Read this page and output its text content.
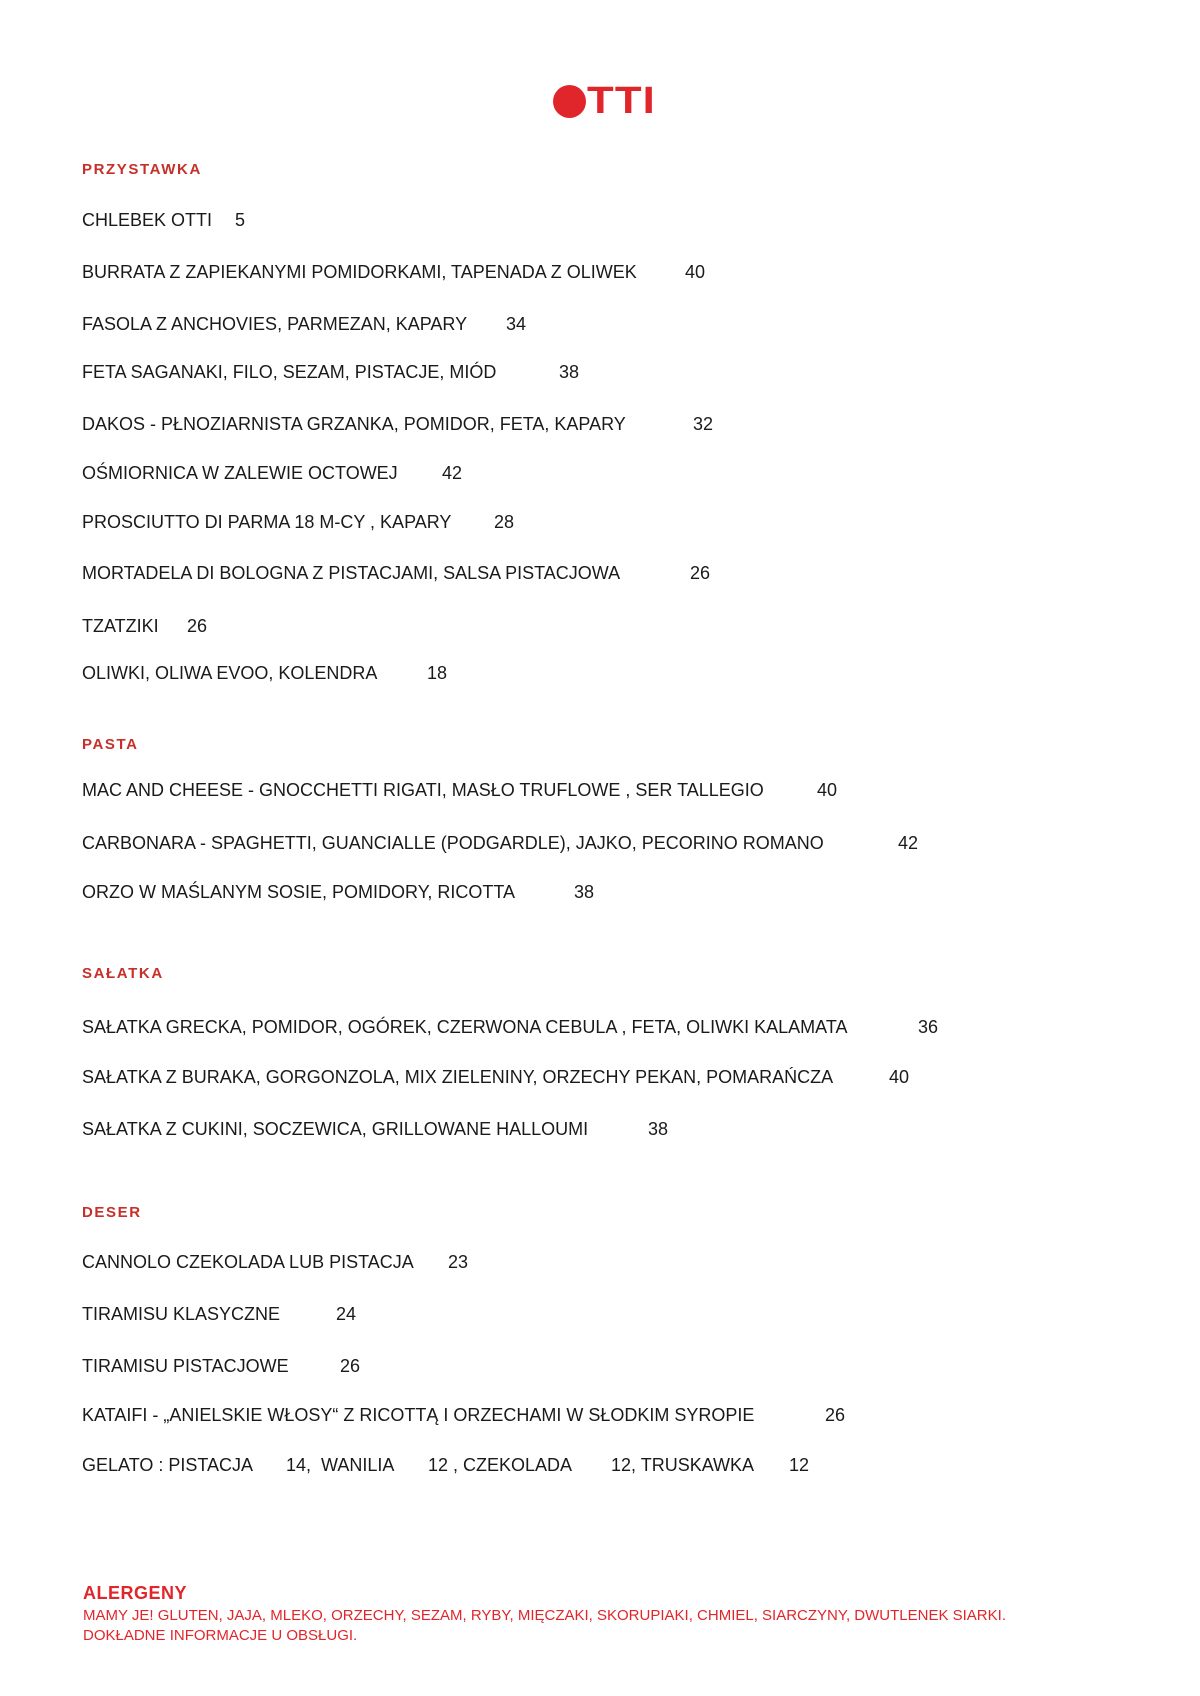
TTI
PRZYSTAWKA
CHLEBEK OTTI 5
BURRATA Z ZAPIEKANYMI POMIDORKAMI, TAPENADA Z OLIWEK	40
FASOLA Z ANCHOVIES, PARMEZAN, KAPARY 34
FETA SAGANAKI, FILO, SEZAM, PISTACJE, MIÓD	38
DAKOS - PŁNOZIARNISTA GRZANKA, POMIDOR, FETA, KAPARY	32
OŚMIORNICA W ZALEWIE OCTOWEJ 42
PROSCIUTTO DI PARMA 18 M-CY , KAPARY 28
MORTADELA DI BOLOGNA Z PISTACJAMI, SALSA PISTACJOWA	26
TZATZIKI 26
OLIWKI, OLIWA EVOO, KOLENDRA	18
PASTA
MAC AND CHEESE - GNOCCHETTI RIGATI, MASŁO TRUFLOWE , SER TALLEGIO	40
CARBONARA - SPAGHETTI, GUANCIALLE (PODGARDLE), JAJKO, PECORINO ROMANO	42
ORZO W MAŚLANYM SOSIE, POMIDORY, RICOTTA	38
SAŁATKA
SAŁATKA GRECKA, POMIDOR, OGÓREK, CZERWONA CEBULA , FETA, OLIWKI KALAMATA	36
SAŁATKA Z BURAKA, GORGONZOLA, MIX ZIELENINY, ORZECHY PEKAN, POMARAŃCZA	40
SAŁATKA Z CUKINI, SOCZEWICA, GRILLOWANE HALLOUMI	38
DESER
CANNOLO CZEKOLADA LUB PISTACJA 23
TIRAMISU KLASYCZNE	24
TIRAMISU PISTACJOWE	26
KATAIFI - „ANIELSKIE WŁOSY“ Z RICOTTĄ I ORZECHAMI W SŁODKIM SYROPIE	26
GELATO : PISTACJA 14, WANILIA 12 , CZEKOLADA 12, TRUSKAWKA 12
ALERGENY
MAMY JE! GLUTEN, JAJA, MLEKO, ORZECHY, SEZAM, RYBY, MIĘCZAKI, SKORUPIAKI, CHMIEL, SIARCZYNY, DWUTLENEK SIARKI.
DOKŁADNE INFORMACJE U OBSŁUGI.
